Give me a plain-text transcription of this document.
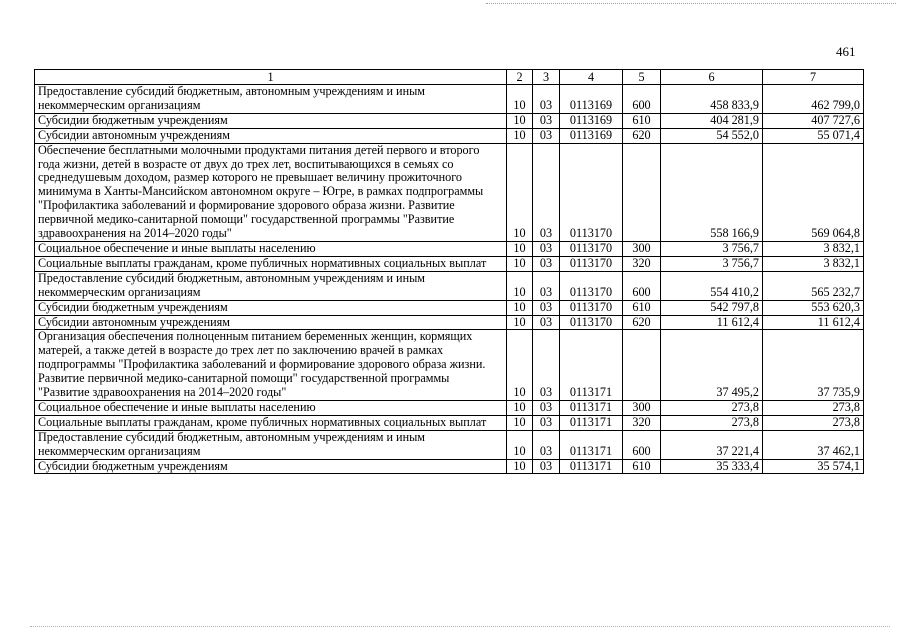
461
1	2	3	4	5	6	7
Предоставление субсидий бюджетным, автономным учреждениям и иным некоммерческим организациям	10	03	0113169	600	458 833,9	462 799,0
Субсидии бюджетным учреждениям	10	03	0113169	610	404 281,9	407 727,6
Субсидии автономным учреждениям	10	03	0113169	620	54 552,0	55 071,4
Обеспечение бесплатными молочными продуктами питания детей первого и второго года жизни, детей в возрасте от двух до трех лет, воспитывающихся в семьях со среднедушевым доходом, размер которого не превышает величину прожиточного минимума в Ханты-Мансийском автономном округе – Югре, в рамках подпрограммы "Профилактика заболеваний и формирование здорового образа жизни. Развитие первичной медико-санитарной помощи" государственной программы "Развитие здравоохранения на 2014–2020 годы"	10	03	0113170		558 166,9	569 064,8
Социальное обеспечение и иные выплаты населению	10	03	0113170	300	3 756,7	3 832,1
Социальные выплаты гражданам, кроме публичных нормативных социальных выплат	10	03	0113170	320	3 756,7	3 832,1
Предоставление субсидий бюджетным, автономным учреждениям и иным некоммерческим организациям	10	03	0113170	600	554 410,2	565 232,7
Субсидии бюджетным учреждениям	10	03	0113170	610	542 797,8	553 620,3
Субсидии автономным учреждениям	10	03	0113170	620	11 612,4	11 612,4
Организация обеспечения полноценным питанием беременных женщин, кормящих матерей, а также детей в возрасте до трех лет по заключению врачей в рамках подпрограммы "Профилактика заболеваний и формирование здорового образа жизни. Развитие первичной медико-санитарной помощи" государственной программы "Развитие здравоохранения на 2014–2020 годы"	10	03	0113171		37 495,2	37 735,9
Социальное обеспечение и иные выплаты населению	10	03	0113171	300	273,8	273,8
Социальные выплаты гражданам, кроме публичных нормативных социальных выплат	10	03	0113171	320	273,8	273,8
Предоставление субсидий бюджетным, автономным учреждениям и иным некоммерческим организациям	10	03	0113171	600	37 221,4	37 462,1
Субсидии бюджетным учреждениям	10	03	0113171	610	35 333,4	35 574,1
